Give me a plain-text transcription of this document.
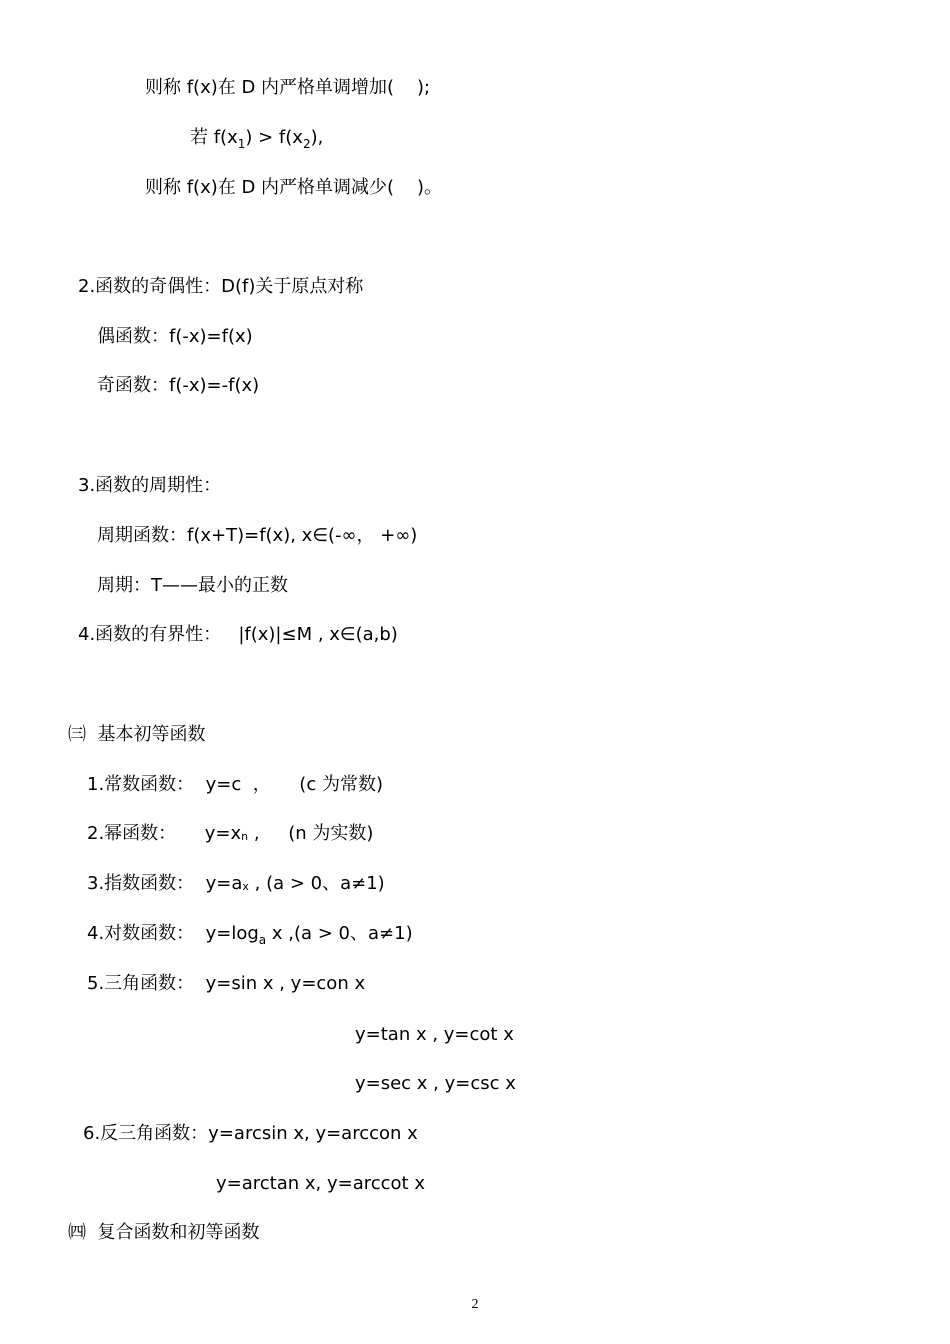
则称 f(x)在 D 内严格单调增加(    );
若 $f(x_1) > f(x_2)$,
则称 f(x)在 D 内严格单调减少(    )。
2.函数的奇偶性：D(f)关于原点对称
偶函数：f(-x)=f(x)
奇函数：f(-x)=-f(x)
3.函数的周期性：
周期函数：f(x+T)=f(x), x∈(-∞， +∞)
周期：T——最小的正数
4.函数的有界性：   |f(x)|≤M , x∈(a,b)
㈢  基本初等函数
1.常数函数：  y=c  ，     (c 为常数)
2.幂函数：     y=xn ,     (n 为实数)
3.指数函数：  y=ax , (a > 0、a≠1)
4.对数函数：  $y=\log_a$ x ,(a > 0、a≠1)
5.三角函数：  y=sin x , y=con x
y=tan x , y=cot x
y=sec x , y=csc x
6.反三角函数：y=arcsin x, y=arccon x
y=arctan x, y=arccot x
㈣  复合函数和初等函数
2
